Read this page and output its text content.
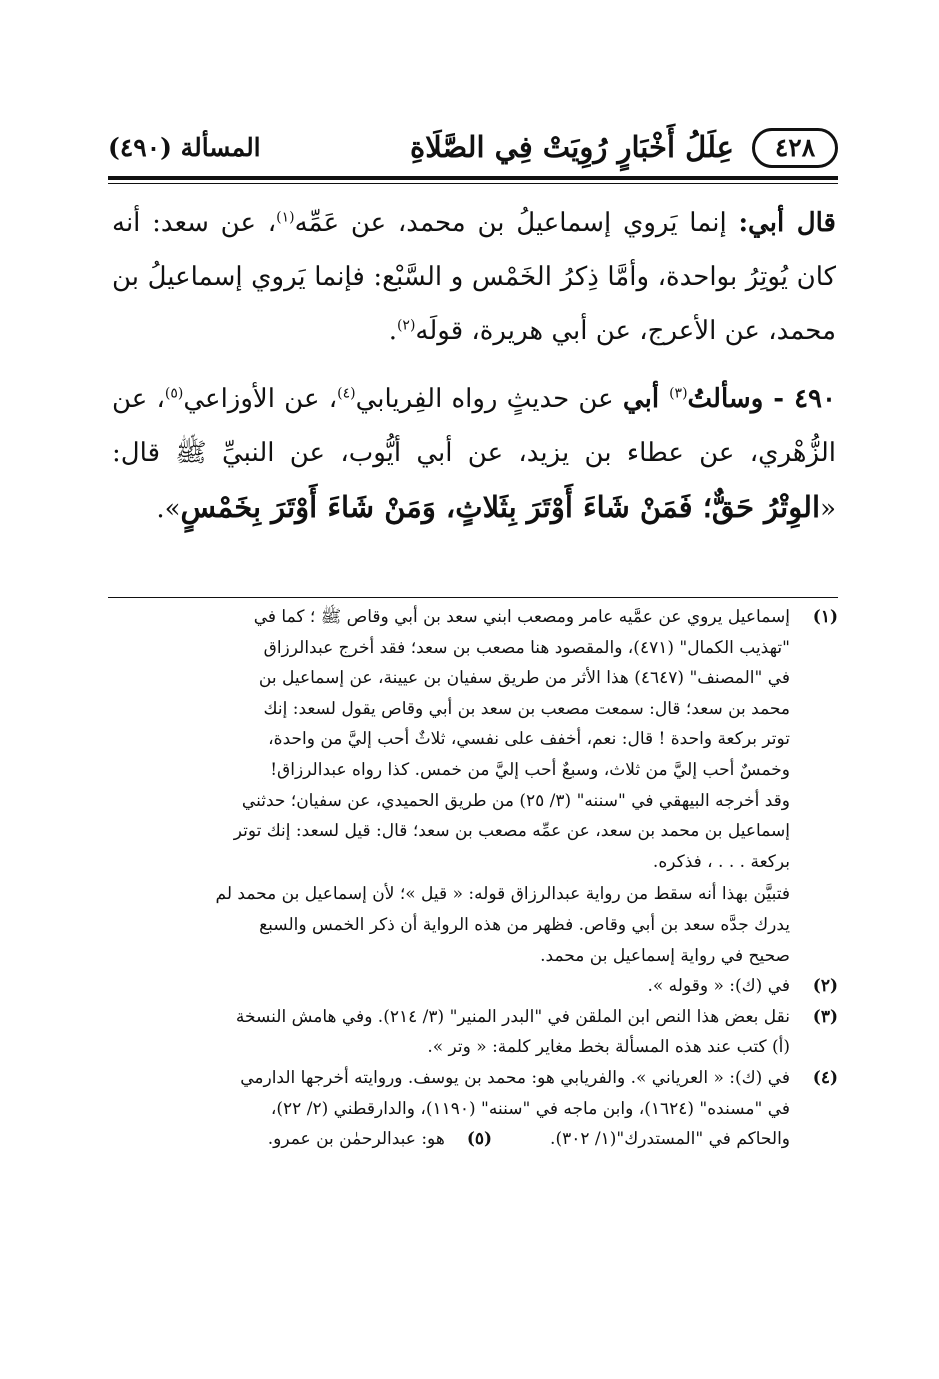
٤٢٨
عِلَلُ أَخْبَارٍ رُوِيَتْ فِي الصَّلَاةِ
المسألة (٤٩٠)

قال أبي: إنما يَروي إسماعيلُ بن محمد، عن عَمِّه$^{(١)}$، عن سعد: أنه كان يُوتِرُ بواحدة، وأمَّا ذِكرُ الخَمْس و السَّبْع: فإنما يَروي إسماعيلُ بن محمد، عن الأعرج، عن أبي هريرة، قولَه$^{(٢)}$.

٤٩٠ - وسألتُ$^{(٣)}$ أبي عن حديثٍ رواه الفِريابي$^{(٤)}$، عن الأوزاعي$^{(٥)}$، عن الزُّهْري، عن عطاء بن يزيد، عن أبي أيُّوب، عن النبيِّ ﷺ قال: «الوِتْرُ حَقٌّ؛ فَمَنْ شَاءَ أَوْتَرَ بِثَلاثٍ، وَمَنْ شَاءَ أَوْتَرَ بِخَمْسٍ».

(١)
إسماعيل يروي عن عمَّيه عامر ومصعب ابني سعد بن أبي وقاص ﷺ ؛ كما في
"تهذيب الكمال" (٤٧١)، والمقصود هنا مصعب بن سعد؛ فقد أخرج عبدالرزاق
في "المصنف" (٤٦٤٧) هذا الأثر من طريق سفيان بن عيينة، عن إسماعيل بن
محمد بن سعد؛ قال: سمعت مصعب بن سعد بن أبي وقاص يقول لسعد: إنك
توتر بركعة واحدة ! قال: نعم، أخفف على نفسي، ثلاثٌ أحب إليَّ من واحدة،
وخمسٌ أحب إليَّ من ثلاث، وسبعٌ أحب إليَّ من خمس. كذا رواه عبدالرزاق!
وقد أخرجه البيهقي في "سننه" (٣/ ٢٥) من طريق الحميدي، عن سفيان؛ حدثني
إسماعيل بن محمد بن سعد، عن عمِّه مصعب بن سعد؛ قال: قيل لسعد: إنك توتر
بركعة . . . ، فذكره.
فتبيَّن بهذا أنه سقط من رواية عبدالرزاق قوله: « قيل »؛ لأن إسماعيل بن محمد لم
يدرك جدَّه سعد بن أبي وقاص. فظهر من هذه الرواية أن ذكر الخمس والسبع
صحيح في رواية إسماعيل بن محمد.
(٢)
في (ك): « وقوله ».
(٣)
نقل بعض هذا النص ابن الملقن في "البدر المنير" (٣/ ٢١٤). وفي هامش النسخة
(أ) كتب عند هذه المسألة بخط مغاير كلمة: « وتر ».
(٤)
في (ك): « العرياني ». والفريابي هو: محمد بن يوسف. وروايته أخرجها الدارمي
في "مسنده" (١٦٢٤)، وابن ماجه في "سننه" (١١٩٠)، والدارقطني (٢/ ٢٢)،
والحاكم في "المستدرك"(١/ ٣٠٢).(٥)هو: عبدالرحمٰن بن عمرو.
